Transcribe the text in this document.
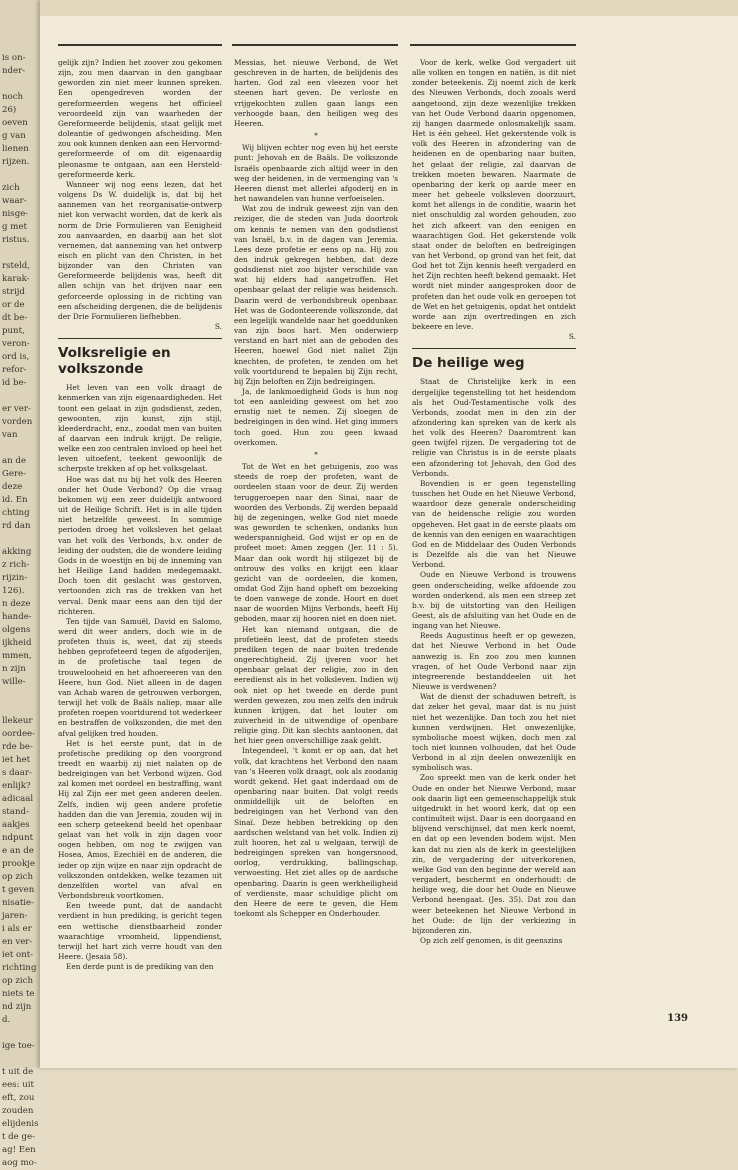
is on-
nder-

noch
26)
oeven
g van
lienen
rijzen.

zich
waar-
nisge-
g met
ristus.

rsteld,
karak-
strijd
or de
dt be-
punt,
veron-
ord is,
refor-
id be-

er ver-
vorden
van

an de
Gere-
deze
id. En
chting
rd dan

akking
z rich-
rijzin-
126).
n deze
hande-
olgens
ijkheid
mmen,
n zijn
wille-

llekeur
oordee-
rde be-
iet het
s daar-
enlijk?
adicaal
stand-
aakjes
ndpunt
e an de
prookje
op zich
t geven
nisatie-
jaren-
i als er
en ver-
iet ont-
richting
op zich
niets te
nd zijn
d.

ige toe-

t uit de
ees: uit
eft, zou
zouden
elijdenis
t de ge-
ag! Een
aog mo-

gelijk zijn? Indien het zoover zou gekomen zijn, zou men daarvan in den gangbaar geworden zin niet meer kunnen spreken. Een opengedreven worden der gereformeerden wegens het officieel veroordeeld zijn van waarheden der Gereformeerde belijdenis, staat gelijk met doleantie of gedwongen afscheiding. Men zou ook kunnen denken aan een Hervormd-gereformeerde of om dit eigenaardig pleonasme te ontgaan, aan een Hersteld-gereformeerde kerk.

Wanneer wij nog eens lezen, dat het volgens Ds W. duidelijk is, dat bij het aannemen van het reorganisatie-ontwerp niet kon verwacht worden, dat de kerk als norm de Drie Formulieren van Eenigheid zou aanvaarden, en daarbij aan het slot vernemen, dat aanneming van het ontwerp eisch en plicht van den Christen, in het bijzonder van den Christen van Gereformeerde belijdenis was, heeft dit allen schijn van het drijven naar een geforceerde oplossing in de richting van een afscheiding dergenen, die de belijdenis der Drie Formulieren liefhebben.

S.

Volksreligie en volkszonde

Het leven van een volk draagt de kenmerken van zijn eigenaardigheden. Het toont een gelaat in zijn godsdienst, zeden, gewoonten, zijn kunst, zijn stijl, kleederdracht, enz., zoodat men van buiten af daarvan een indruk krijgt. De religie, welke een zoo centralen invloed op heel het leven uitoefent, teekent gewoonlijk de scherpste trekken af op het volksgelaat.

Hoe was dat nu bij het volk des Heeren onder het Oude Verbond? Op die vraag bekomen wij een zeer duidelijk antwoord uit de Heilige Schrift. Het is in alle tijden niet hetzelfde geweest. In sommige perioden droeg het volksleven het gelaat van het volk des Verbonds, b.v. onder de leiding der oudsten, die de wondere leiding Gods in de woestijn en bij de inneming van het Heilige Land hadden medegemaakt. Doch toen dit geslacht was gestorven, vertoonden zich ras de trekken van het verval. Denk maar eens aan den tijd der richteren.

Ten tijde van Samuël, David en Salomo, werd dit weer anders, doch wie in de profeten thuis is, weet, dat zij steeds hebben geprofeteerd tegen de afgoderijen, in de profetische taal tegen de trouwelooheid en het afhoereeren van den Heere, hun God. Niet alleen in de dagen van Achab waren de getrouwen verborgen, terwijl het volk de Baäls naliep, maar alle profeten roepen voortdurend tot wederkeer en bestraffen de volkszonden, die met den afval gelijken tred houden.

Het is het eerste punt, dat in de profetische prediking op den voorgrond treedt en waarbij zij niet nalaten op de bedreigingen van het Verbond wijzen. God zal komen met oordeel en bestraffing, want Hij zal Zijn eer met geen anderen deelen. Zelfs, indien wij geen andere profetie hadden dan die van Jeremia, zouden wij in een scherp geteekend beeld het openbaar gelaat van het volk in zijn dagen voor oogen hebben, om nog te zwijgen van Hosea, Amos, Ezechiël en de anderen, die ieder op zijn wijze en naar zijn opdracht de volkszonden ontdekken, welke tezamen uit denzelfden wortel van afval en Verbondsbreuk voortkomen.

Een tweede punt, dat de aandacht verdient in hun prediking, is gericht tegen een wettische dienstbaarheid zonder waarachtige vroomheid, lippendienst, terwijl het hart zich verre houdt van den Heere. (Jesaia 58).

Een derde punt is de prediking van den

Messias, het nieuwe Verbond, de Wet geschreven in de harten, de belijdenis des harten. God zal een vleezen voor het steenen hart geven. De verloste en vrijgekochten zullen gaan langs een verhoogde baan, den heiligen weg des Heeren.

*

Wij blijven echter nog even bij het eerste punt: Jehovah en de Baäls. De volkszonde Israëls openbaarde zich altijd weer in den weg der heidenen, in de vermenging van 's Heeren dienst met allerlei afgoderij en in het nawandelen van hunne verfoeiselen.

Wat zou de indruk geweest zijn van den reiziger, die de steden van Juda doortrok om kennis te nemen van den godsdienst van Israël, b.v. in de dagen van Jeremia. Lees deze profetie er eens op na. Hij zou den indruk gekregen hebben, dat deze godsdienst niet zoo bijster verschilde van wat hij elders had aangetroffen. Het openbaar gelaat der religie was heidensch. Daarin werd de verbondsbreuk openbaar. Het was de Godonteerende volkszonde, dat een legelijk wandelde naar het goeddunken van zijn boos hart. Men onderwierp verstand en hart niet aan de geboden des Heeren, hoewel God niet naliet Zijn knechten, de profeten, te zenden om het volk voortdurend te bepalen bij Zijn recht, bij Zijn beloften en Zijn bedreigingen.

Ja, de lankmoedigheid Gods is hun nog tot een aanleiding geweest om het zoo ernstig niet te nemen. Zij sloegen de bedreigingen in den wind. Het ging immers toch goed. Hun zou geen kwaad overkomen.

*

Tot de Wet en het getuigenis, zoo was steeds de roep der profeten, want de oordeelen staan voor de deur. Zij werden teruggeroepen naar den Sinai, naar de woorden des Verbonds. Zij werden bepaald bij de zegeningen, welke God niet moede was geworden te schenken, ondanks hun wederspannigheid. God wijst er op en de profeet moet: Amen zeggen (Jer. 11 : 5). Maar dan ook wordt hij stilgezet bij de ontrouw des volks en krijgt een klaar gezicht van de oordeelen, die komen, omdat God Zijn hand opheft om bezoeking te doen vanwege de zonde. Hoort en doet naar de woorden Mijns Verbonds, heeft Hij geboden, maar zij hooren niet en doen niet.

Het kan niemand ontgaan, die de profetieën leest, dat de profeten steeds prediken tegen de naar buiten tredende ongerechtigheid. Zij ijveren voor het openbaar gelaat der religie, zoo in den eeredienst als in het volksleven. Indien wij ook niet op het tweede en derde punt werden gewezen, zou men zelfs den indruk kunnen krijgen, dat het louter om zuiverheid in de uitwendige of openbare religie ging. Dit kan slechts aantoonen, dat het hier geen onverschillige zaak geldt.

Integendeel, 't komt er op aan, dat het volk, dat krachtens het Verbond den naam van 's Heeren volk draagt, ook als zoodanig wordt gekend. Het gaat inderdaad om de openbaring naar buiten. Dat volgt reeds onmiddellijk uit de beloften en bedreigingen van het Verbond van den Sinaï. Deze hebben betrekking op den aardschen welstand van het volk. Indien zij zult hooren, het zal u welgaan, terwijl de bedreigingen spreken van hongersnood, oorlog, verdrukking, ballingschap, verwoesting. Het ziet alles op de aardsche openbaring. Daarin is geen werkheiligheid of verdienste, maar schuldige plicht om den Heere de eere te geven, die Hem toekomt als Schepper en Onderhouder.

Voor de kerk, welke God vergadert uit alle volken en tongen en natiën, is dit niet zonder beteekenis. Zij noemt zich de kerk des Nieuwen Verbonds, doch zooals werd aangetoond, zijn deze wezenlijke trekken van het Oude Verbond daarin opgenomen, zij hangen daarmede onlosmakelijk saam. Het is één geheel. Het gekerstende volk is volk des Heeren in afzondering van de heidenen en de openbaring naar buiten, het gelaat der religie, zal daarvan de trekken moeten bewaren. Naarmate de openbaring der kerk op aarde meer en meer het geheele volksleven doorzuurt, komt het allengs in de conditie, waarin het niet onschuldig zal worden gehouden, zoo het zich afkeert van den eenigen en waarachtigen God. Het gekerstende volk staat onder de beloften en bedreigingen van het Verbond, op grond van het feit, dat God het tot Zijn kennis heeft vergaderd en het Zijn rechten heeft bekend gemaakt. Het wordt niet minder aangesproken door de profeten dan het oude volk en geroepen tot de Wet en het getuigenis, opdat het ontdekt worde aan zijn overtredingen en zich bekeere en leve.

S.

De heilige weg

Staat de Christelijke kerk in een dergelijke tegenstelling tot het heidendom als het Oud-Testamentische volk des Verbonds, zoodat men in den zin der afzondering kan spreken van de kerk als het volk des Heeren? Daaromtrent kan geen twijfel rijzen. De vergadering tot de religie van Christus is in de eerste plaats een afzondering tot Jehovah, den God des Verbonds.

Bovendien is er geen tegenstelling tusschen het Oude en het Nieuwe Verbond, waardoor deze generale onderscheiding van de heidensche religie zou worden opgeheven. Het gaat in de eerste plaats om de kennis van den eenigen en waarachtigen God en de Middelaar des Ouden Verbonds is Dezelfde als die van het Nieuwe Verbond.

Oude en Nieuwe Verbond is trouwens geen onderscheiding, welke afdoende zou worden onderkend, als men een streep zet b.v. bij de uitstorting van den Heiligen Geest, als de afsluiting van het Oude en de ingang van het Nieuwe.

Reeds Augustinus heeft er op gewezen, dat het Nieuwe Verbond in het Oude aanwezig is. En zoo zou men kunnen vragen, of het Oude Verbond naar zijn integreerende bestanddeelen uit het Nieuwe is verdwenen?

Wat de dienst der schaduwen betreft, is dat zeker het geval, maar dat is nu juist niet het wezenlijke. Dan toch zou het niet kunnen verdwijnen. Het onwezenlijke, symbolische moest wijken, doch men zal toch niet kunnen volhouden, dat het Oude Verbond in al zijn deelen onwezenlijk en symbolisch was.

Zoo spreekt men van de kerk onder het Oude en onder het Nieuwe Verbond, maar ook daarin ligt een gemeenschappelijk stuk uitgedrukt in het woord kerk, dat op een continuïteit wijst. Daar is een doorgaand en blijvend verschijnsel, dat men kerk noemt, en dat op een levenden bodem wijst. Men kan dat nu zien als de kerk in geestelijken zin, de vergadering der uitverkorenen, welke God van den beginne der wereld aan vergadert, beschermt en onderhoudt: de heilige weg, die door het Oude en Nieuwe Verbond heengaat. (Jes. 35). Dat zou dan weer beteekenen het Nieuwe Verbond in het Oude: de lijn der verkiezing in bijzonderen zin.

Op zich zelf genomen, is dit geenszins

139
